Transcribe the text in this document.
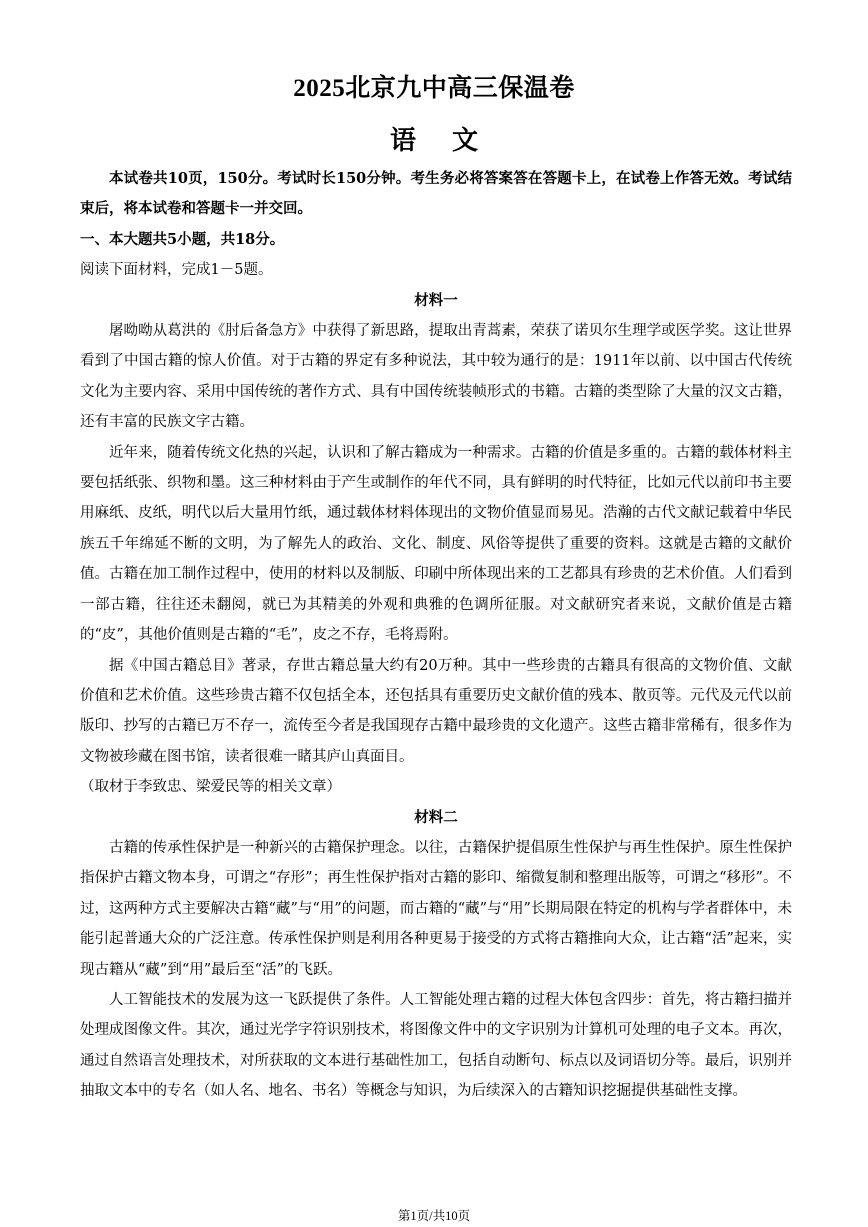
2025北京九中高三保温卷
语文

本试卷共10页，150分。考试时长150分钟。考生务必将答案答在答题卡上，在试卷上作答无效。考试结束后，将本试卷和答题卡一并交回。

一、本大题共5小题，共18分。

阅读下面材料，完成1－5题。

材料一

屠呦呦从葛洪的《肘后备急方》中获得了新思路，提取出青蒿素，荣获了诺贝尔生理学或医学奖。这让世界看到了中国古籍的惊人价值。对于古籍的界定有多种说法，其中较为通行的是：1911年以前、以中国古代传统文化为主要内容、采用中国传统的著作方式、具有中国传统装帧形式的书籍。古籍的类型除了大量的汉文古籍，还有丰富的民族文字古籍。

近年来，随着传统文化热的兴起，认识和了解古籍成为一种需求。古籍的价值是多重的。古籍的载体材料主要包括纸张、织物和墨。这三种材料由于产生或制作的年代不同，具有鲜明的时代特征，比如元代以前印书主要用麻纸、皮纸，明代以后大量用竹纸，通过载体材料体现出的文物价值显而易见。浩瀚的古代文献记载着中华民族五千年绵延不断的文明，为了解先人的政治、文化、制度、风俗等提供了重要的资料。这就是古籍的文献价值。古籍在加工制作过程中，使用的材料以及制版、印刷中所体现出来的工艺都具有珍贵的艺术价值。人们看到一部古籍，往往还未翻阅，就已为其精美的外观和典雅的色调所征服。对文献研究者来说，文献价值是古籍的“皮”，其他价值则是古籍的“毛”，皮之不存，毛将焉附。

据《中国古籍总目》著录，存世古籍总量大约有20万种。其中一些珍贵的古籍具有很高的文物价值、文献价值和艺术价值。这些珍贵古籍不仅包括全本，还包括具有重要历史文献价值的残本、散页等。元代及元代以前版印、抄写的古籍已万不存一，流传至今者是我国现存古籍中最珍贵的文化遗产。这些古籍非常稀有，很多作为文物被珍藏在图书馆，读者很难一睹其庐山真面目。

（取材于李致忠、梁爱民等的相关文章）

材料二

古籍的传承性保护是一种新兴的古籍保护理念。以往，古籍保护提倡原生性保护与再生性保护。原生性保护指保护古籍文物本身，可谓之“存形”；再生性保护指对古籍的影印、缩微复制和整理出版等，可谓之“移形”。不过，这两种方式主要解决古籍“藏”与“用”的问题，而古籍的“藏”与“用”长期局限在特定的机构与学者群体中，未能引起普通大众的广泛注意。传承性保护则是利用各种更易于接受的方式将古籍推向大众，让古籍“活”起来，实现古籍从“藏”到“用”最后至“活”的飞跃。

人工智能技术的发展为这一飞跃提供了条件。人工智能处理古籍的过程大体包含四步：首先，将古籍扫描并处理成图像文件。其次，通过光学字符识别技术，将图像文件中的文字识别为计算机可处理的电子文本。再次，通过自然语言处理技术，对所获取的文本进行基础性加工，包括自动断句、标点以及词语切分等。最后，识别并抽取文本中的专名（如人名、地名、书名）等概念与知识，为后续深入的古籍知识挖掘提供基础性支撑。

第1页/共10页
